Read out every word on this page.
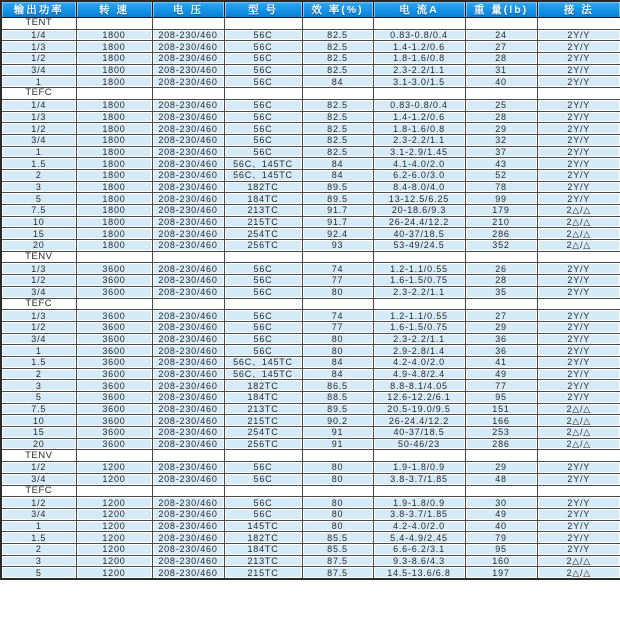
输出功率	转 速	电 压	型 号	效 率(%)	电 流A	重 量(lb)	接 法
TENT							
1/4	1800	208-230/460	56C	82.5	0.83-0.8/0.4	24	2Y/Y
1/3	1800	208-230/460	56C	82.5	1.4-1.2/0.6	27	2Y/Y
1/2	1800	208-230/460	56C	82.5	1.8-1.6/0.8	28	2Y/Y
3/4	1800	208-230/460	56C	82.5	2.3-2.2/1.1	31	2Y/Y
1	1800	208-230/460	56C	84	3.1-3.0/1.5	40	2Y/Y
TEFC							
1/4	1800	208-230/460	56C	82.5	0.83-0.8/0.4	25	2Y/Y
1/3	1800	208-230/460	56C	82.5	1.4-1.2/0.6	28	2Y/Y
1/2	1800	208-230/460	56C	82.5	1.8-1.6/0.8	29	2Y/Y
3/4	1800	208-230/460	56C	82.5	2.3-2.2/1.1	32	2Y/Y
1	1800	208-230/460	56C	82.5	3.1-2.9/1.45	37	2Y/Y
1.5	1800	208-230/460	56C、145TC	84	4.1-4.0/2.0	43	2Y/Y
2	1800	208-230/460	56C、145TC	84	6.2-6.0/3.0	52	2Y/Y
3	1800	208-230/460	182TC	89.5	8.4-8.0/4.0	78	2Y/Y
5	1800	208-230/460	184TC	89.5	13-12.5/6.25	99	2Y/Y
7.5	1800	208-230/460	213TC	91.7	20-18.6/9.3	179	2△/△
10	1800	208-230/460	215TC	91.7	26-24.4/12.2	210	2△/△
15	1800	208-230/460	254TC	92.4	40-37/18.5	286	2△/△
20	1800	208-230/460	256TC	93	53-49/24.5	352	2△/△
TENV							
1/3	3600	208-230/460	56C	74	1.2-1.1/0.55	26	2Y/Y
1/2	3600	208-230/460	56C	77	1.6-1.5/0.75	28	2Y/Y
3/4	3600	208-230/460	56C	80	2.3-2.2/1.1	35	2Y/Y
TEFC							
1/3	3600	208-230/460	56C	74	1.2-1.1/0.55	27	2Y/Y
1/2	3600	208-230/460	56C	77	1.6-1.5/0.75	29	2Y/Y
3/4	3600	208-230/460	56C	80	2.3-2.2/1.1	36	2Y/Y
1	3600	208-230/460	56C	80	2.9-2.8/1.4	36	2Y/Y
1.5	3600	208-230/460	56C、145TC	84	4.2-4.0/2.0	41	2Y/Y
2	3600	208-230/460	56C、145TC	84	4.9-4.8/2.4	49	2Y/Y
3	3600	208-230/460	182TC	86.5	8.8-8.1/4.05	77	2Y/Y
5	3600	208-230/460	184TC	88.5	12.6-12.2/6.1	95	2Y/Y
7.5	3600	208-230/460	213TC	89.5	20.5-19.0/9.5	151	2△/△
10	3600	208-230/460	215TC	90.2	26-24.4/12.2	166	2△/△
15	3600	208-230/460	254TC	91	40-37/18.5	253	2△/△
20	3600	208-230/460	256TC	91	50-46/23	286	2△/△
TENV							
1/2	1200	208-230/460	56C	80	1.9-1.8/0.9	29	2Y/Y
3/4	1200	208-230/460	56C	80	3.8-3.7/1.85	48	2Y/Y
TEFC							
1/2	1200	208-230/460	56C	80	1.9-1.8/0.9	30	2Y/Y
3/4	1200	208-230/460	56C	80	3.8-3.7/1.85	49	2Y/Y
1	1200	208-230/460	145TC	80	4.2-4.0/2.0	40	2Y/Y
1.5	1200	208-230/460	182TC	85.5	5.4-4.9/2.45	79	2Y/Y
2	1200	208-230/460	184TC	85.5	6.6-6.2/3.1	95	2Y/Y
3	1200	208-230/460	213TC	87.5	9.3-8.6/4.3	160	2△/△
5	1200	208-230/460	215TC	87.5	14.5-13.6/6.8	197	2△/△
